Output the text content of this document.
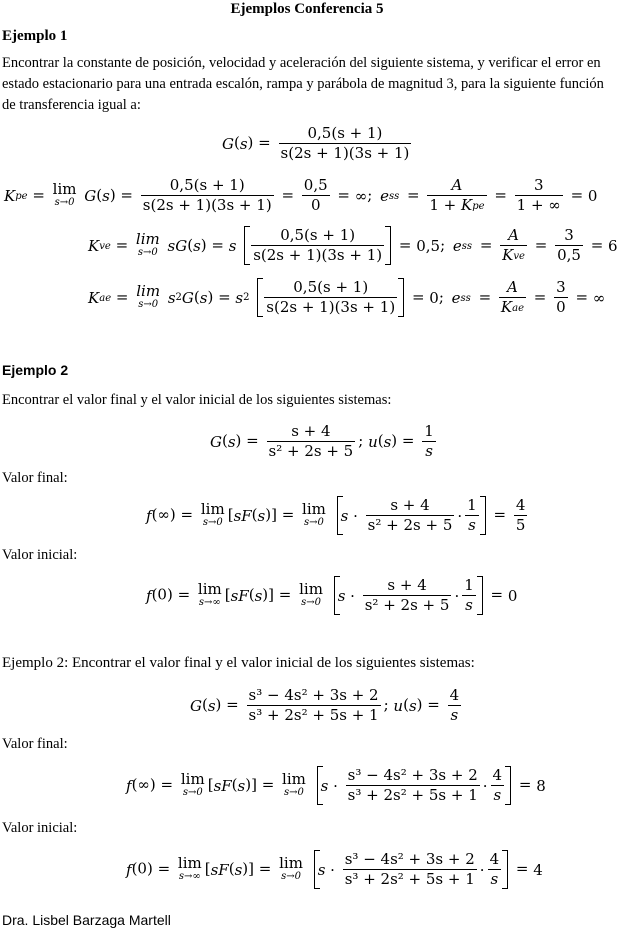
Ejemplos Conferencia 5
Ejemplo 1
Encontrar la constante de posición, velocidad y aceleración del siguiente sistema, y verificar el error en estado estacionario para una entrada escalón, rampa y parábola de magnitud 3, para la siguiente función de transferencia igual a:
$G(s) = \frac{0,5(s + 1)}{s(2s + 1)(3s + 1)}$
Kpe = lim
s→0 $G(s) = \frac{0,5(s + 1)}{s(2s + 1)(3s + 1)} = \frac{0,5}{0}$ = ∞; ess = $\frac{A}{\text{1 + Kpe}} = \frac{3}{1 + \infty} = 0$
Kve = lim
s→0 sG(s) = s $\frac{0,5(s + 1)}{s(2s + 1)(3s + 1)} = 0,5$; ess = $\frac{A}{\text{Kve}} = \frac{3}{0,5} = 6$
Kae = lim
s→0 $s2G(s) = s2 \frac{0,5(s + 1)}{s(2s + 1)(3s + 1)} = 0$; ess = $\frac{A}{\text{Kae}} = \frac{3}{0}$ = ∞
Ejemplo 2
Encontrar el valor final y el valor inicial de los siguientes sistemas:
$G(s) = \frac{s + 4}{\text{s² + 2s + 5}}$ ; $u(s) = \frac{1}{s}$
Valor final:
f(∞) = lim
s→0 [sF(s)] = lim
s→0
$s \cdot \frac{s + 4}{\text{s² + 2s + 5}} \cdot \frac{1}{s} = \frac{4}{5}$
Valor inicial:
f(0) = lim
s→∞ [sF(s)] = lim
s→0
$s \cdot \frac{s + 4}{\text{s² + 2s + 5}} \cdot \frac{1}{s} = 0$
Ejemplo 2: Encontrar el valor final y el valor inicial de los siguientes sistemas:
$G(s) = \frac{\text{s³ − 4s² + 3s + 2}}{\text{s³ + 2s² + 5s + 1}}$ ; $u(s) = \frac{4}{s}$
Valor final:
f(∞) = lim
s→0 [sF(s)] = lim
s→0
$s \cdot \frac{\text{s³ − 4s² + 3s + 2}}{\text{s³ + 2s² + 5s + 1}} \cdot \frac{4}{s} = 8$
Valor inicial:
f(0) = lim
s→∞ [sF(s)] = lim
s→0
$s \cdot \frac{\text{s³ − 4s² + 3s + 2}}{\text{s³ + 2s² + 5s + 1}} \cdot \frac{4}{s} = 4$
Dra. Lisbel Barzaga Martell
